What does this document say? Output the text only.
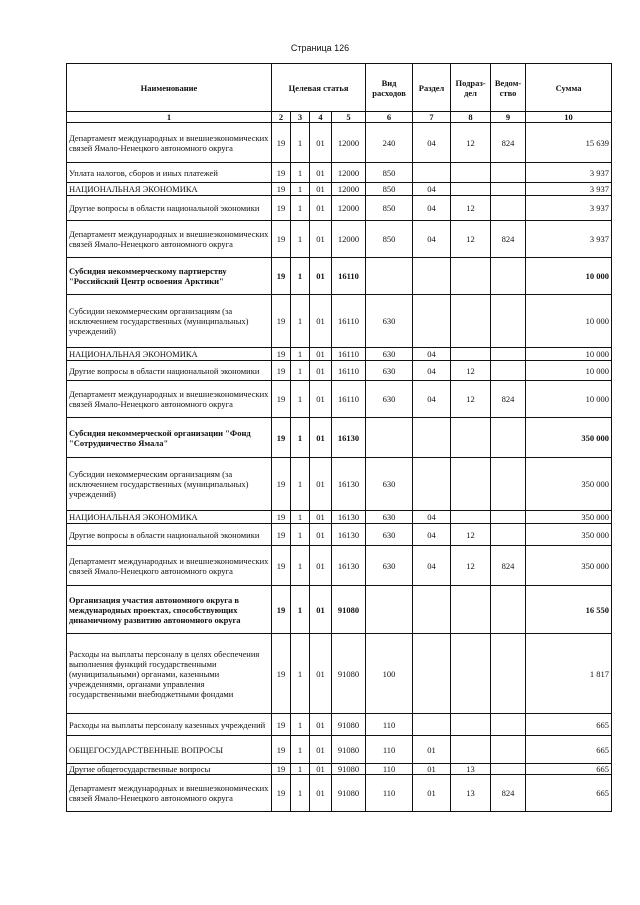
Страница 126
Наименование	Целевая статья				Вид расходов	Раздел	Подраз-дел	Ведом-ство	Сумма
1	2	3	4	5	6	7	8	9	10
Департамент международных и внешнеэкономических связей Ямало-Ненецкого автономного округа	19	1	01	12000	240	04	12	824	15 639
Уплата налогов, сборов и иных платежей	19	1	01	12000	850				3 937
НАЦИОНАЛЬНАЯ ЭКОНОМИКА	19	1	01	12000	850	04			3 937
Другие вопросы в области национальной экономики	19	1	01	12000	850	04	12		3 937
Департамент международных и внешнеэкономических связей Ямало-Ненецкого автономного округа	19	1	01	12000	850	04	12	824	3 937
Субсидия некоммерческому партнерству "Российский Центр освоения Арктики"	19	1	01	16110					10 000
Субсидии некоммерческим организациям (за исключением государственных (муниципальных) учреждений)	19	1	01	16110	630				10 000
НАЦИОНАЛЬНАЯ ЭКОНОМИКА	19	1	01	16110	630	04			10 000
Другие вопросы в области национальной экономики	19	1	01	16110	630	04	12		10 000
Департамент международных и внешнеэкономических связей Ямало-Ненецкого автономного округа	19	1	01	16110	630	04	12	824	10 000
Субсидия некоммерческой организации "Фонд "Сотрудничество Ямала"	19	1	01	16130					350 000
Субсидии некоммерческим организациям (за исключением государственных (муниципальных) учреждений)	19	1	01	16130	630				350 000
НАЦИОНАЛЬНАЯ ЭКОНОМИКА	19	1	01	16130	630	04			350 000
Другие вопросы в области национальной экономики	19	1	01	16130	630	04	12		350 000
Департамент международных и внешнеэкономических связей Ямало-Ненецкого автономного округа	19	1	01	16130	630	04	12	824	350 000
Организация участия автономного округа в международных проектах, способствующих динамичному развитию автономного округа	19	1	01	91080					16 550
Расходы на выплаты персоналу в целях обеспечения выполнения функций государственными (муниципальными) органами, казенными учреждениями, органами управления государственными внебюджетными фондами	19	1	01	91080	100				1 817
Расходы на выплаты персоналу казенных учреждений	19	1	01	91080	110				665
ОБЩЕГОСУДАРСТВЕННЫЕ ВОПРОСЫ	19	1	01	91080	110	01			665
Другие общегосударственные вопросы	19	1	01	91080	110	01	13		665
Департамент международных и внешнеэкономических связей Ямало-Ненецкого автономного округа	19	1	01	91080	110	01	13	824	665
